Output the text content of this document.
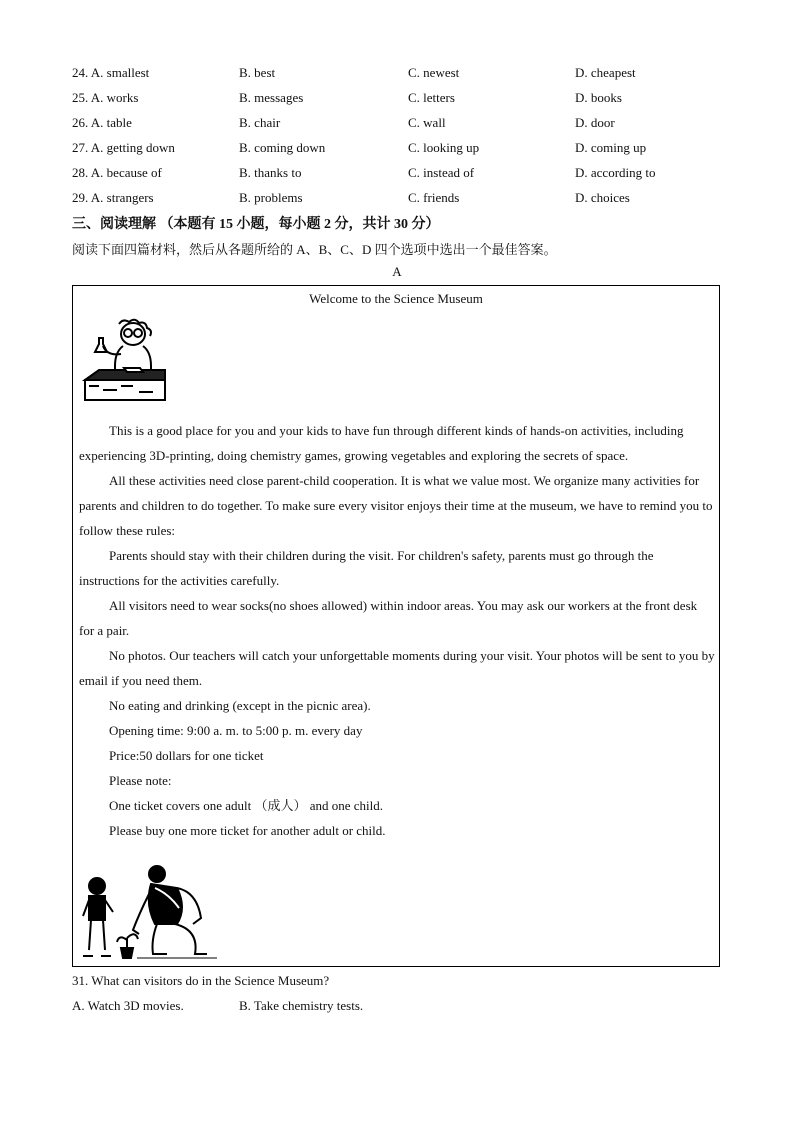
24. A. smallest	B. best	C. newest	D. cheapest
25. A. works	B. messages	C. letters	D. books
26. A. table	B. chair	C. wall	D. door
27. A. getting down	B. coming down	C. looking up	D. coming up
28. A. because of	B. thanks to	C. instead of	D. according to
29. A. strangers	B. problems	C. friends	D. choices
三、阅读理解 （本题有 15 小题，每小题 2 分，共计 30 分）
阅读下面四篇材料，然后从各题所给的 A、B、C、D 四个选项中选出一个最佳答案。
A
Welcome to the Science Museum

This is a good place for you and your kids to have fun through different kinds of hands-on activities, including experiencing 3D-printing, doing chemistry games, growing vegetables and exploring the secrets of space.

All these activities need close parent-child cooperation. It is what we value most. We organize many activities for parents and children to do together. To make sure every visitor enjoys their time at the museum, we have to remind you to follow these rules:

Parents should stay with their children during the visit. For children's safety, parents must go through the instructions for the activities carefully.

All visitors need to wear socks(no shoes allowed) within indoor areas. You may ask our workers at the front desk for a pair.

No photos. Our teachers will catch your unforgettable moments during your visit. Your photos will be sent to you by email if you need them.

No eating and drinking (except in the picnic area).

Opening time: 9:00 a. m. to 5:00 p. m. every day

Price:50 dollars for one ticket

Please note:

One ticket covers one adult （成人） and one child.

Please buy one more ticket for another adult or child.

31. What can visitors do in the Science Museum?
A. Watch 3D movies.	B. Take chemistry tests.
